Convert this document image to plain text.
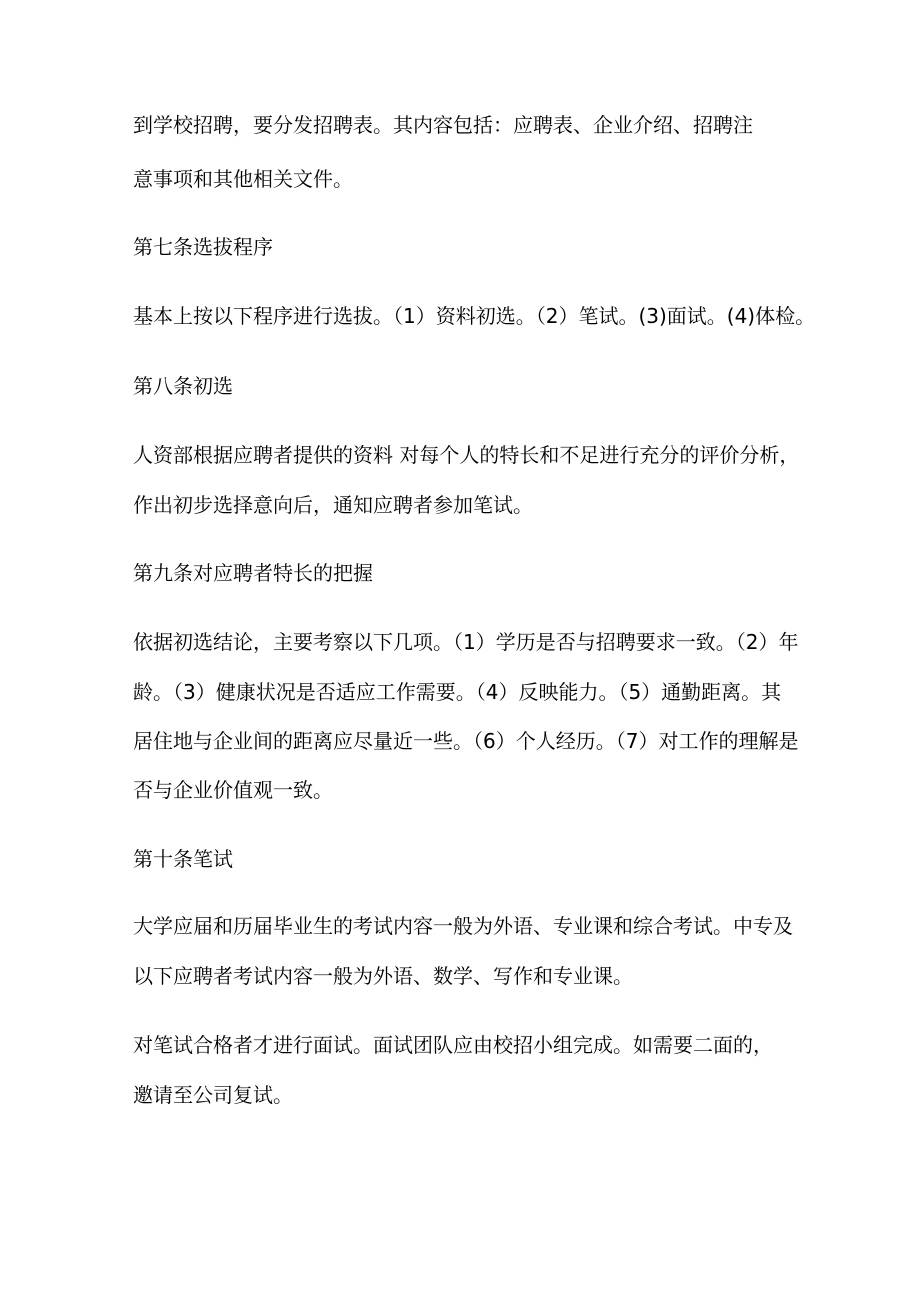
到学校招聘，要分发招聘表。其内容包括：应聘表、企业介绍、招聘注
意事项和其他相关文件。
第七条选拔程序
基本上按以下程序进行选拔。（1）资料初选。（2）笔试。(3)面试。(4)体检。
第八条初选
人资部根据应聘者提供的资料 对每个人的特长和不足进行充分的评价分析，
作出初步选择意向后，通知应聘者参加笔试。
第九条对应聘者特长的把握
依据初选结论，主要考察以下几项。（1）学历是否与招聘要求一致。（2）年
龄。（3）健康状况是否适应工作需要。（4）反映能力。（5）通勤距离。其
居住地与企业间的距离应尽量近一些。（6）个人经历。（7）对工作的理解是
否与企业价值观一致。
第十条笔试
大学应届和历届毕业生的考试内容一般为外语、专业课和综合考试。中专及
以下应聘者考试内容一般为外语、数学、写作和专业课。
对笔试合格者才进行面试。面试团队应由校招小组完成。如需要二面的，
邀请至公司复试。
